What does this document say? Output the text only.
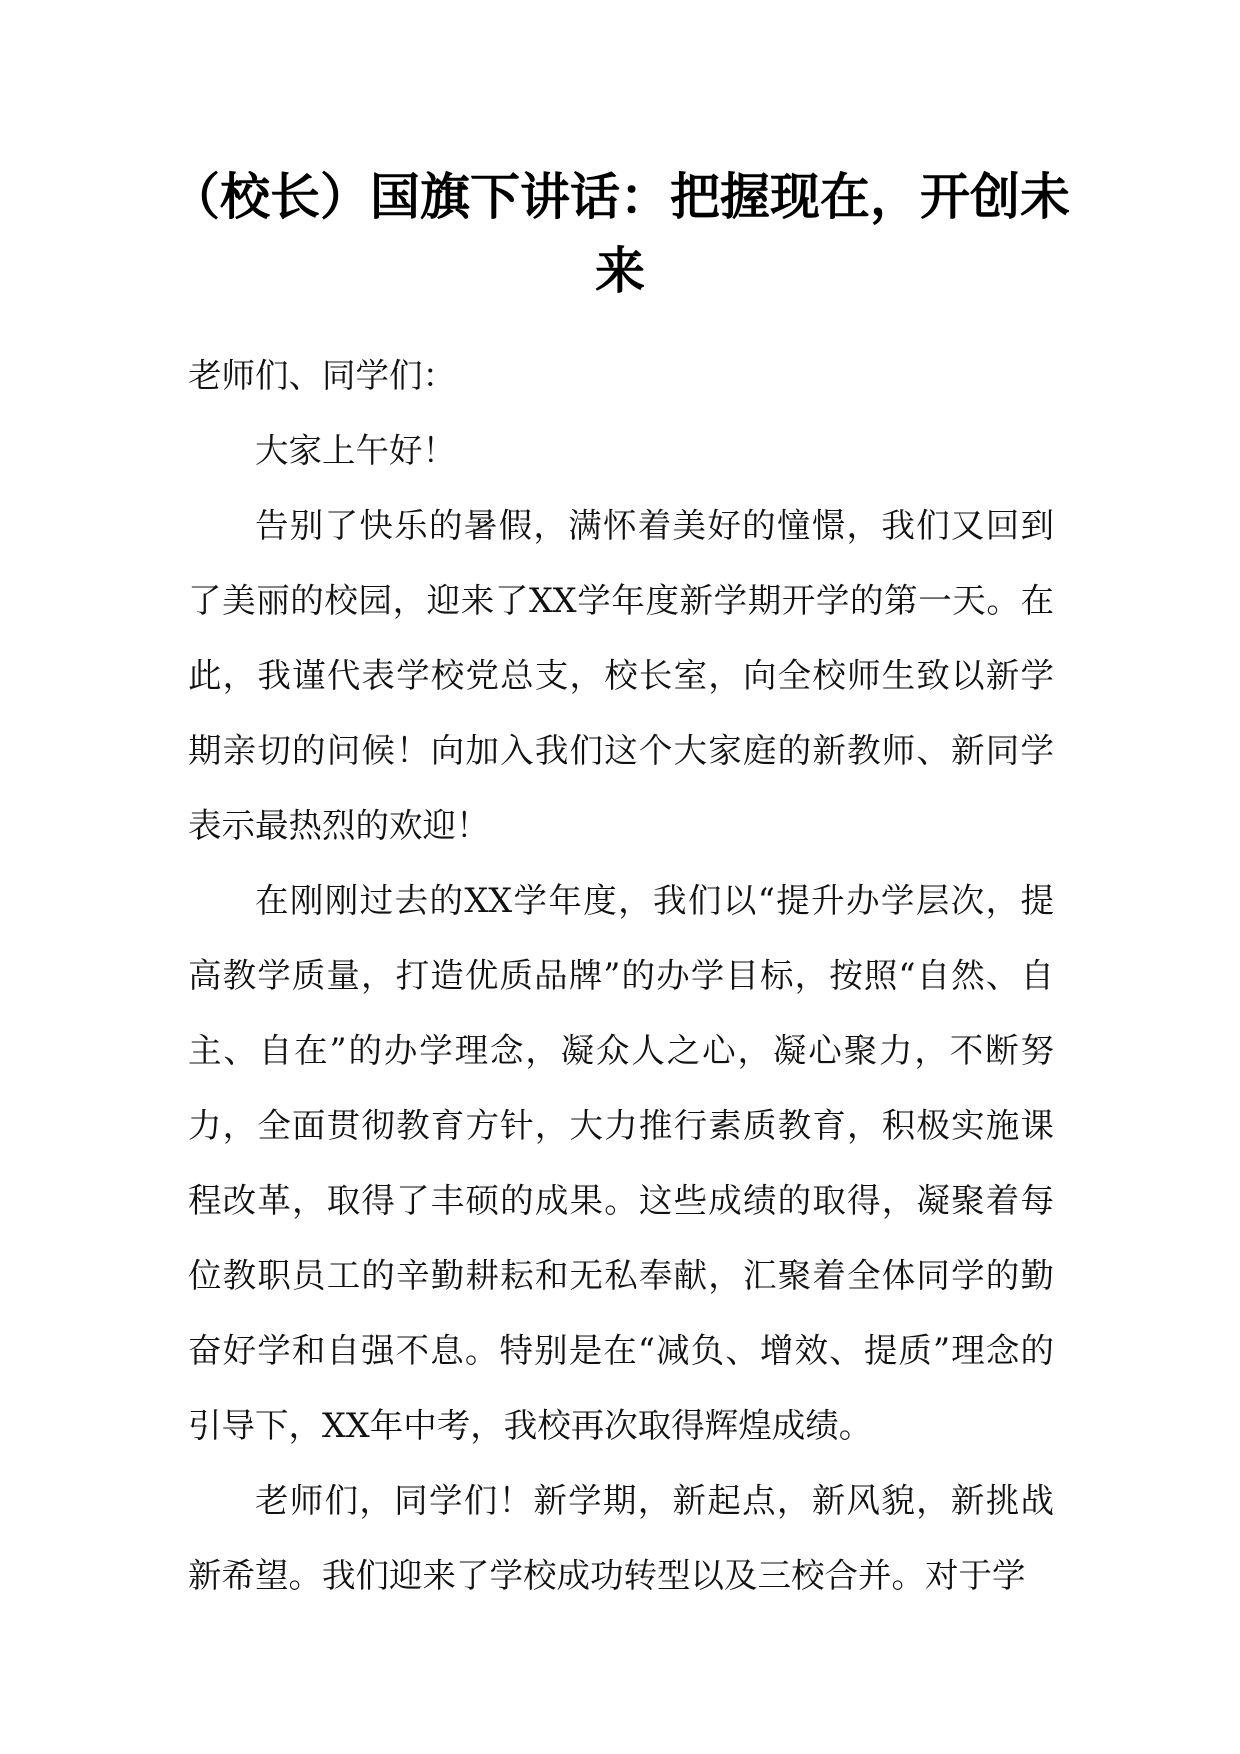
（校长）国旗下讲话：把握现在，开创未来

老师们、同学们：

大家上午好！

告别了快乐的暑假，满怀着美好的憧憬，我们又回到了美丽的校园，迎来了XX学年度新学期开学的第一天。在此，我谨代表学校党总支，校长室，向全校师生致以新学期亲切的问候！向加入我们这个大家庭的新教师、新同学表示最热烈的欢迎！

在刚刚过去的XX学年度，我们以“提升办学层次，提高教学质量，打造优质品牌”的办学目标，按照“自然、自主、自在”的办学理念，凝众人之心，凝心聚力，不断努力，全面贯彻教育方针，大力推行素质教育，积极实施课程改革，取得了丰硕的成果。这些成绩的取得，凝聚着每位教职员工的辛勤耕耘和无私奉献，汇聚着全体同学的勤奋好学和自强不息。特别是在“减负、增效、提质”理念的引导下，XX年中考，我校再次取得辉煌成绩。

老师们，同学们！新学期，新起点，新风貌，新挑战新希望。我们迎来了学校成功转型以及三校合并。对于学
